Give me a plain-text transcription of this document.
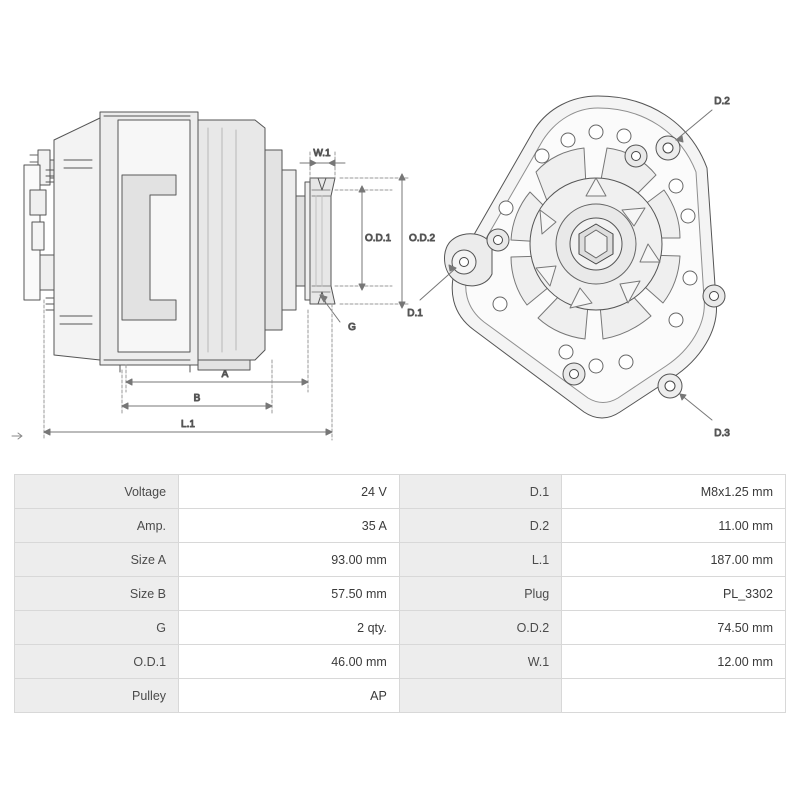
W.1
O.D.1 O.D.2
G
A
B
L.1
D.2
D.1
D.3
Voltage	24 V	D.1	M8x1.25 mm
Amp.	35 A	D.2	11.00 mm
Size A	93.00 mm	L.1	187.00 mm
Size B	57.50 mm	Plug	PL_3302
G	2 qty.	O.D.2	74.50 mm
O.D.1	46.00 mm	W.1	12.00 mm
Pulley	AP		
